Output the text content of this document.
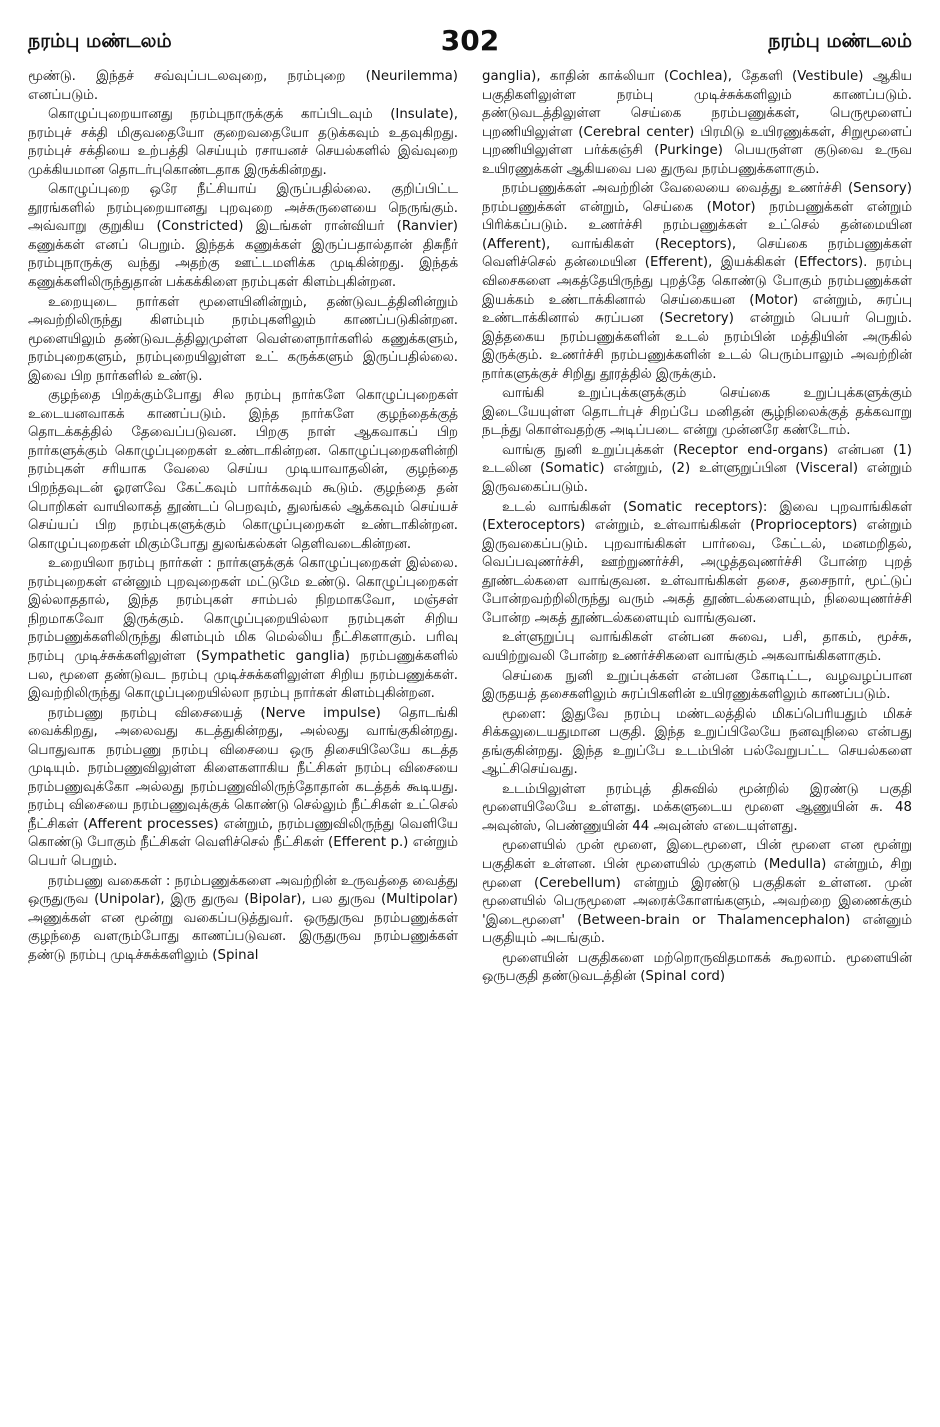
நரம்பு மண்டலம்	302	நரம்பு மண்டலம்

மூண்டு. இந்தச் சவ்வுப்படலவுறை, நரம்புறை (Neurilemma) எனப்படும்.

கொழுப்புறையானது நரம்புநாருக்குக் காப்பிடவும் (Insulate), நரம்புச் சக்தி மிகுவதையோ குறைவதையோ தடுக்கவும் உதவுகிறது. நரம்புச் சக்தியை உற்பத்தி செய்யும் ரசாயனச் செயல்களில் இவ்வுறை முக்கியமான தொடர்புகொண்டதாக இருக்கின்றது.

கொழுப்புறை ஒரே நீட்சியாய் இருப்பதில்லை. குறிப்பிட்ட தூரங்களில் நரம்புறையானது புறவுறை அச்சுருளையை நெருங்கும். அவ்வாறு குறுகிய (Constricted) இடங்கள் ரான்வியர் (Ranvier) கணுக்கள் எனப் பெறும். இந்தக் கணுக்கள் இருப்பதால்தான் திசுநீர் நரம்புநாருக்கு வந்து அதற்கு ஊட்டமளிக்க முடிகின்றது. இந்தக் கணுக்களிலிருந்துதான் பக்கக்கிளை நரம்புகள் கிளம்புகின்றன.

உறையுடை நார்கள் மூளையினின்றும், தண்டுவடத்தினின்றும் அவற்றிலிருந்து கிளம்பும் நரம்புகளிலும் காணப்படுகின்றன. மூளையிலும் தண்டுவடத்திலுமுள்ள வெள்ளைநார்களில் கணுக்களும், நரம்புறைகளும், நரம்புறையிலுள்ள உட் கருக்களும் இருப்பதில்லை. இவை பிற நார்களில் உண்டு.

குழந்தை பிறக்கும்போது சில நரம்பு நார்களே கொழுப்புறைகள் உடையனவாகக் காணப்படும். இந்த நார்களே குழந்தைக்குத் தொடக்கத்தில் தேவைப்படுவன. பிறகு நாள் ஆகவாகப் பிற நார்களுக்கும் கொழுப்புறைகள் உண்டாகின்றன. கொழுப்புறைகளின்றி நரம்புகள் சரியாக வேலை செய்ய முடியாவாதலின், குழந்தை பிறந்தவுடன் ஓரளவே கேட்கவும் பார்க்கவும் கூடும். குழந்தை தன் பொறிகள் வாயிலாகத் தூண்டப் பெறவும், துலங்கல் ஆக்கவும் செய்யச் செய்யப் பிற நரம்புகளுக்கும் கொழுப்புறைகள் உண்டாகின்றன. கொழுப்புறைகள் மிகும்போது துலங்கல்கள் தெளிவடைகின்றன.

உறையிலா நரம்பு நார்கள் : நார்களுக்குக் கொழுப்புறைகள் இல்லை. நரம்புறைகள் என்னும் புறவுறைகள் மட்டுமே உண்டு. கொழுப்புறைகள் இல்லாததால், இந்த நரம்புகள் சாம்பல் நிறமாகவோ, மஞ்சள் நிறமாகவோ இருக்கும். கொழுப்புறையில்லா நரம்புகள் சிறிய நரம்பணுக்களிலிருந்து கிளம்பும் மிக மெல்லிய நீட்சிகளாகும். பரிவு நரம்பு முடிச்சுக்களிலுள்ள (Sympathetic ganglia) நரம்பணுக்களில் பல, மூளை தண்டுவட நரம்பு முடிச்சுக்களிலுள்ள சிறிய நரம்பணுக்கள். இவற்றிலிருந்து கொழுப்புறையில்லா நரம்பு நார்கள் கிளம்புகின்றன.

நரம்பணு நரம்பு விசையைத் (Nerve impulse) தொடங்கி வைக்கிறது, அலைவது கடத்துகின்றது, அல்லது வாங்குகின்றது. பொதுவாக நரம்பணு நரம்பு விசையை ஒரு திசையிலேயே கடத்த முடியும். நரம்பணுவிலுள்ள கிளைகளாகிய நீட்சிகள் நரம்பு விசையை நரம்பணுவுக்கோ அல்லது நரம்பணுவிலிருந்தோதான் கடத்தக் கூடியது. நரம்பு விசையை நரம்பணுவுக்குக் கொண்டு செல்லும் நீட்சிகள் உட்செல் நீட்சிகள் (Afferent processes) என்றும், நரம்பணுவிலிருந்து வெளியே கொண்டு போகும் நீட்சிகள் வெளிச்செல் நீட்சிகள் (Efferent p.) என்றும் பெயர் பெறும்.

நரம்பணு வகைகள் : நரம்பணுக்களை அவற்றின் உருவத்தை வைத்து ஒருதுருவ (Unipolar), இரு துருவ (Bipolar), பல துருவ (Multipolar) அணுக்கள் என மூன்று வகைப்படுத்துவர். ஒருதுருவ நரம்பணுக்கள் குழந்தை வளரும்போது காணப்படுவன. இருதுருவ நரம்பணுக்கள் தண்டு நரம்பு முடிச்சுக்களிலும் (Spinal

ganglia), காதின் காக்லியா (Cochlea), தேகளி (Vestibule) ஆகிய பகுதிகளிலுள்ள நரம்பு முடிச்சுக்களிலும் காணப்படும். தண்டுவடத்திலுள்ள செய்கை நரம்பணுக்கள், பெருமூளைப் புறணியிலுள்ள (Cerebral center) பிரமிடு உயிரணுக்கள், சிறுமூளைப் புறணியிலுள்ள பர்க்கஞ்சி (Purkinge) பெயருள்ள குடுவை உருவ உயிரணுக்கள் ஆகியவை பல துருவ நரம்பணுக்களாகும்.

நரம்பணுக்கள் அவற்றின் வேலையை வைத்து உணர்ச்சி (Sensory) நரம்பணுக்கள் என்றும், செய்கை (Motor) நரம்பணுக்கள் என்றும் பிரிக்கப்படும். உணர்ச்சி நரம்பணுக்கள் உட்செல் தன்மையின (Afferent), வாங்கிகள் (Receptors), செய்கை நரம்பணுக்கள் வெளிச்செல் தன்மையின (Efferent), இயக்கிகள் (Effectors). நரம்பு விசைகளை அகத்தேயிருந்து புறத்தே கொண்டு போகும் நரம்பணுக்கள் இயக்கம் உண்டாக்கினால் செய்கையன (Motor) என்றும், சுரப்பு உண்டாக்கினால் சுரப்பன (Secretory) என்றும் பெயர் பெறும். இத்தகைய நரம்பணுக்களின் உடல் நரம்பின் மத்தியின் அருகில் இருக்கும். உணர்ச்சி நரம்பணுக்களின் உடல் பெரும்பாலும் அவற்றின் நார்களுக்குச் சிறிது தூரத்தில் இருக்கும்.

வாங்கி உறுப்புக்களுக்கும் செய்கை உறுப்புக்களுக்கும் இடையேயுள்ள தொடர்புச் சிறப்பே மனிதன் சூழ்நிலைக்குத் தக்கவாறு நடந்து கொள்வதற்கு அடிப்படை என்று முன்னரே கண்டோம்.

வாங்கு நுனி உறுப்புக்கள் (Receptor end-organs) என்பன (1) உடலின (Somatic) என்றும், (2) உள்ளுறுப்பின (Visceral) என்றும் இருவகைப்படும்.

உடல் வாங்கிகள் (Somatic receptors): இவை புறவாங்கிகள் (Exteroceptors) என்றும், உள்வாங்கிகள் (Proprioceptors) என்றும் இருவகைப்படும். புறவாங்கிகள் பார்வை, கேட்டல், மனமறிதல், வெப்பவுணர்ச்சி, ஊற்றுணர்ச்சி, அழுத்தவுணர்ச்சி போன்ற புறத் தூண்டல்களை வாங்குவன. உள்வாங்கிகள் தசை, தசைநார், மூட்டுப் போன்றவற்றிலிருந்து வரும் அகத் தூண்டல்களையும், நிலையுணர்ச்சி போன்ற அகத் தூண்டல்களையும் வாங்குவன.

உள்ளுறுப்பு வாங்கிகள் என்பன சுவை, பசி, தாகம், மூச்சு, வயிற்றுவலி போன்ற உணர்ச்சிகளை வாங்கும் அகவாங்கிகளாகும்.

செய்கை நுனி உறுப்புக்கள் என்பன கோடிட்ட, வழவழப்பான இருதயத் தசைகளிலும் சுரப்பிகளின் உயிரணுக்களிலும் காணப்படும்.

மூளை: இதுவே நரம்பு மண்டலத்தில் மிகப்பெரியதும் மிகச் சிக்கலுடையதுமான பகுதி. இந்த உறுப்பிலேயே நனவுநிலை என்பது தங்குகின்றது. இந்த உறுப்பே உடம்பின் பல்வேறுபட்ட செயல்களை ஆட்சிசெய்வது.

உடம்பிலுள்ள நரம்புத் திசுவில் மூன்றில் இரண்டு பகுதி மூளையிலேயே உள்ளது. மக்களுடைய மூளை ஆணுயின் சு. 48 அவுன்ஸ், பெண்ணுயின் 44 அவுன்ஸ் எடையுள்ளது.

மூளையில் முன் மூளை, இடைமூளை, பின் மூளை என மூன்று பகுதிகள் உள்ளன. பின் மூளையில் முகுளம் (Medulla) என்றும், சிறு மூளை (Cerebellum) என்றும் இரண்டு பகுதிகள் உள்ளன. முன் மூளையில் பெருமூளை அரைக்கோளங்களும், அவற்றை இணைக்கும் 'இடைமூளை' (Between-brain or Thalamencephalon) என்னும் பகுதியும் அடங்கும்.

மூளையின் பகுதிகளை மற்றொருவிதமாகக் கூறலாம். மூளையின் ஒருபகுதி தண்டுவடத்தின் (Spinal cord)
